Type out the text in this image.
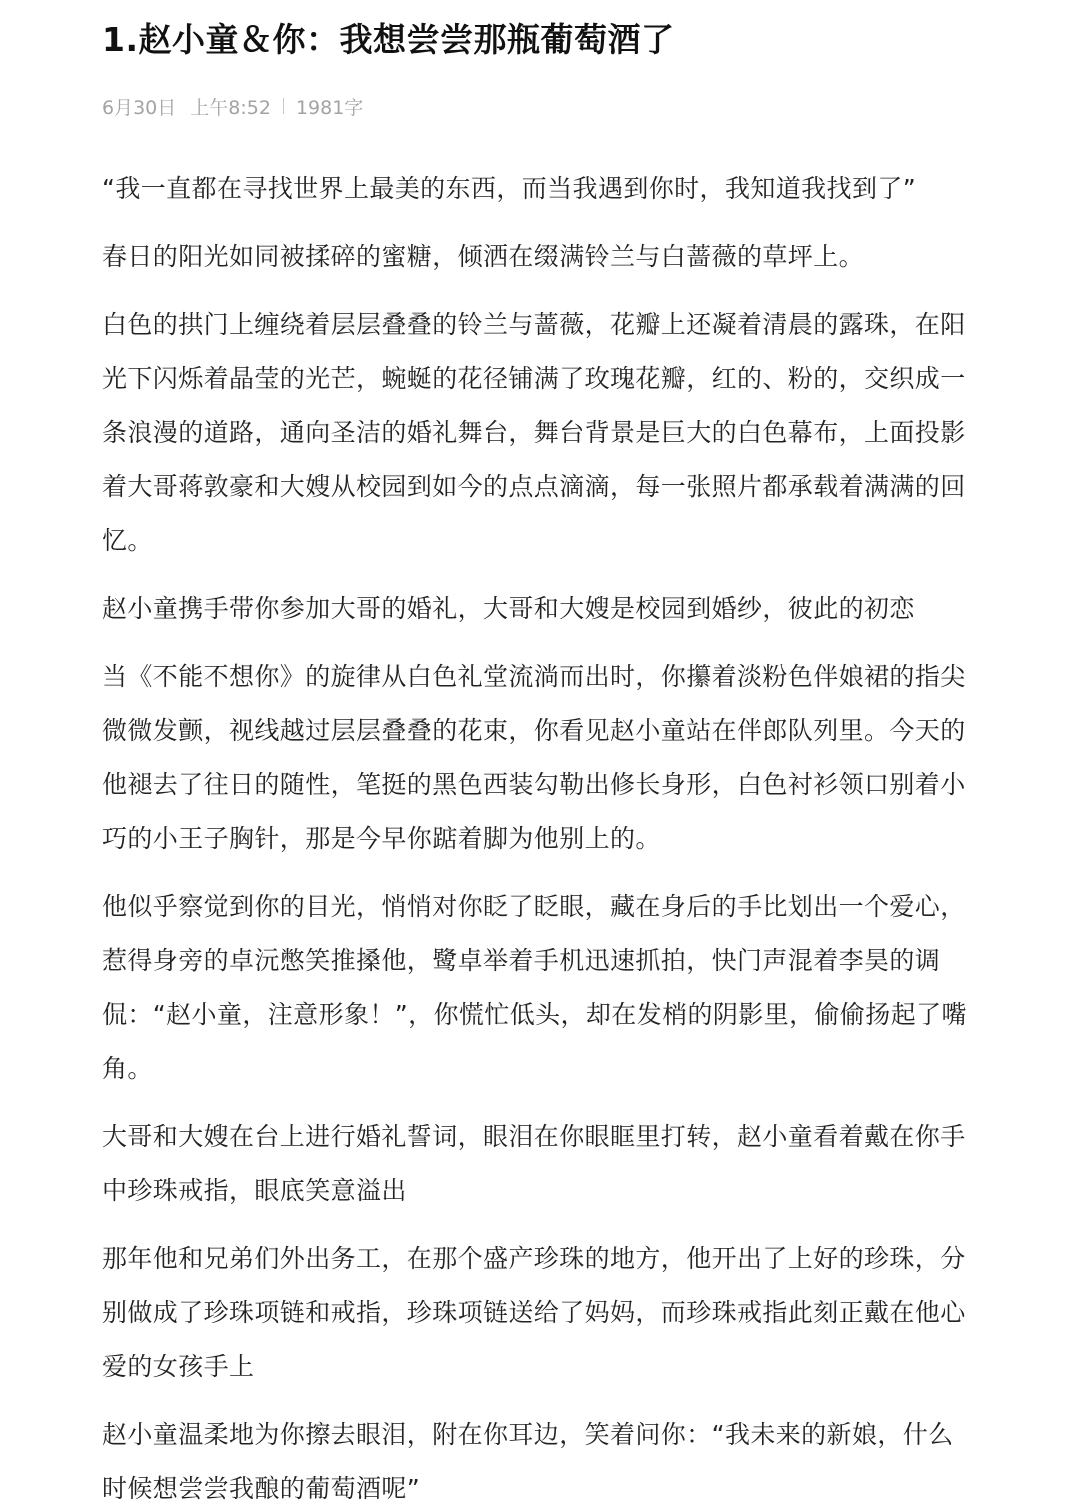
1.赵小童＆你：我想尝尝那瓶葡萄酒了
6月30日 上午8:52 1981字

“我一直都在寻找世界上最美的东西，而当我遇到你时，我知道我找到了”

春日的阳光如同被揉碎的蜜糖，倾洒在缀满铃兰与白蔷薇的草坪上。

白色的拱门上缠绕着层层叠叠的铃兰与蔷薇，花瓣上还凝着清晨的露珠，在阳光下闪烁着晶莹的光芒，蜿蜒的花径铺满了玫瑰花瓣，红的、粉的，交织成一条浪漫的道路，通向圣洁的婚礼舞台，舞台背景是巨大的白色幕布，上面投影着大哥蒋敦豪和大嫂从校园到如今的点点滴滴，每一张照片都承载着满满的回忆。

赵小童携手带你参加大哥的婚礼，大哥和大嫂是校园到婚纱，彼此的初恋

当《不能不想你》的旋律从白色礼堂流淌而出时，你攥着淡粉色伴娘裙的指尖微微发颤，视线越过层层叠叠的花束，你看见赵小童站在伴郎队列里。今天的他褪去了往日的随性，笔挺的黑色西装勾勒出修长身形，白色衬衫领口别着小巧的小王子胸针，那是今早你踮着脚为他别上的。

他似乎察觉到你的目光，悄悄对你眨了眨眼，藏在身后的手比划出一个爱心，惹得身旁的卓沅憋笑推搡他，鹭卓举着手机迅速抓拍，快门声混着李昊的调侃：“赵小童，注意形象！”，你慌忙低头，却在发梢的阴影里，偷偷扬起了嘴角。

大哥和大嫂在台上进行婚礼誓词，眼泪在你眼眶里打转，赵小童看着戴在你手中珍珠戒指，眼底笑意溢出

那年他和兄弟们外出务工，在那个盛产珍珠的地方，他开出了上好的珍珠，分别做成了珍珠项链和戒指，珍珠项链送给了妈妈，而珍珠戒指此刻正戴在他心爱的女孩手上

赵小童温柔地为你擦去眼泪，附在你耳边，笑着问你：“我未来的新娘，什么时候想尝尝我酿的葡萄酒呢”
